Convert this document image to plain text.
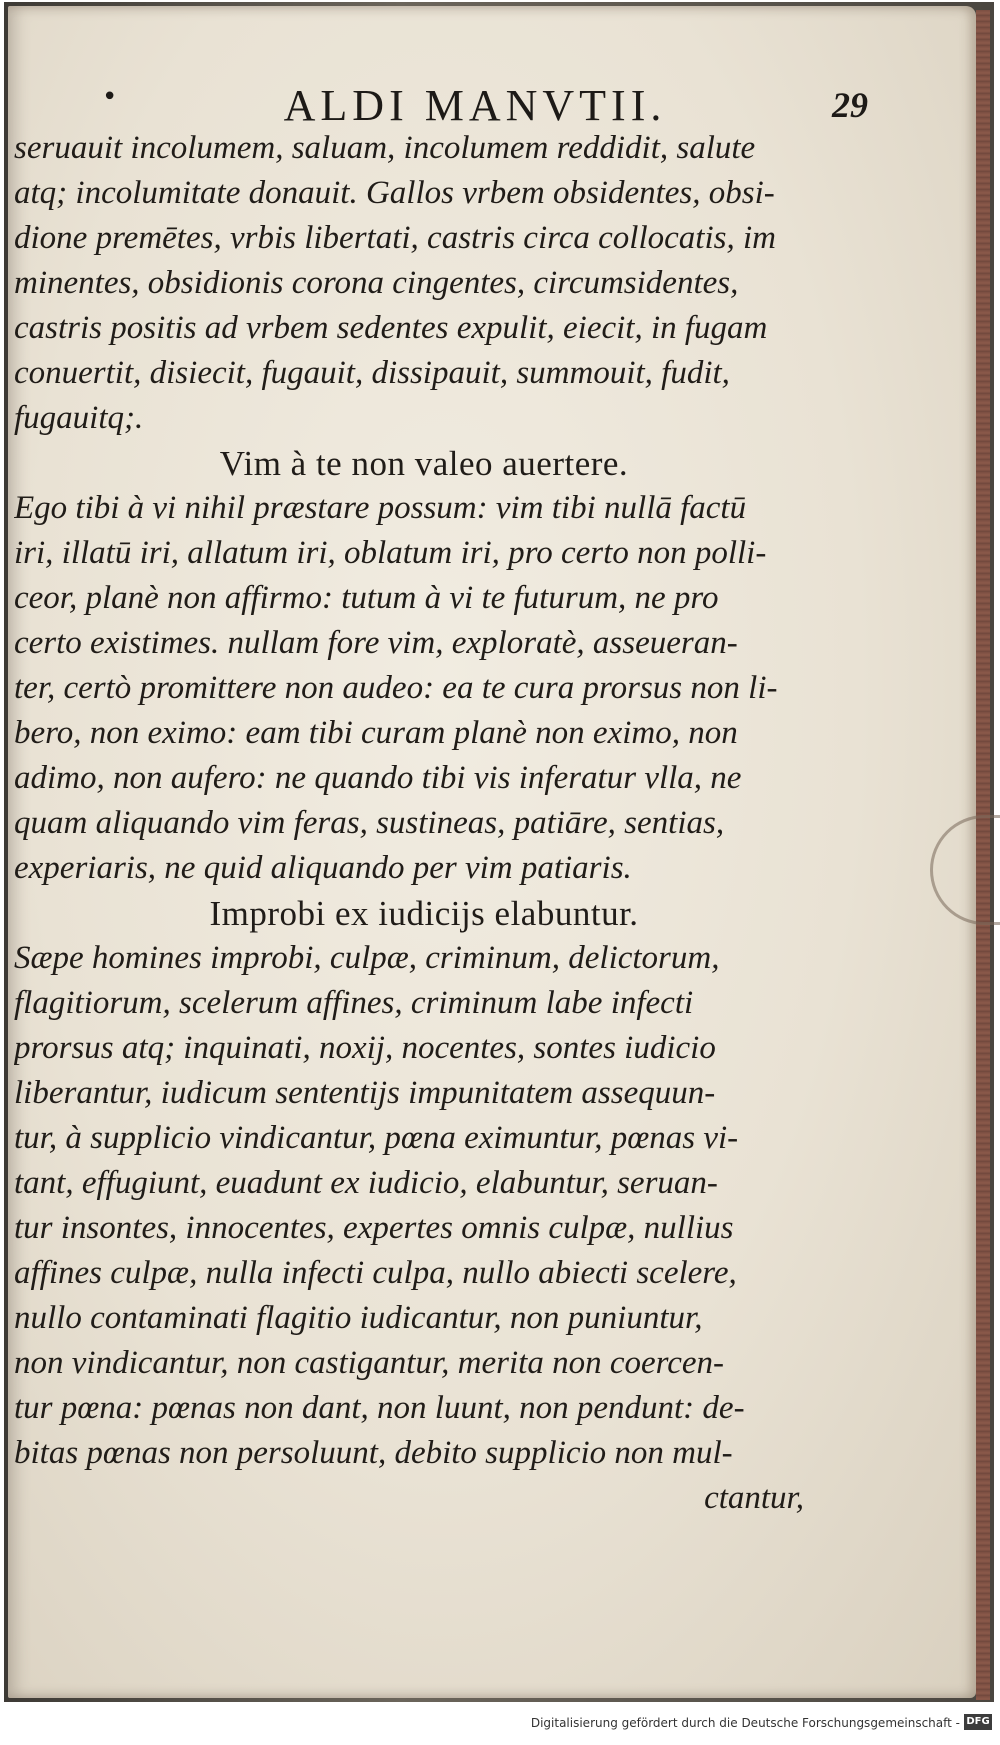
•	ALDI MANVTII.	29
seruauit incolumem, saluam, incolumem reddidit, salute
atq; incolumitate donauit. Gallos vrbem obsidentes, obsi-
dione premētes, vrbis libertati, castris circa collocatis, im
minentes, obsidionis corona cingentes, circumsidentes,
castris positis ad vrbem sedentes expulit, eiecit, in fugam
conuertit, disiecit, fugauit, dissipauit, summouit, fudit,
fugauitq;.
Vim à te non valeo auertere.
Ego tibi à vi nihil præstare possum: vim tibi nullā factū
iri, illatū iri, allatum iri, oblatum iri, pro certo non polli-
ceor, planè non affirmo: tutum à vi te futurum, ne pro
certo existimes. nullam fore vim, exploratè, asseueran-
ter, certò promittere non audeo: ea te cura prorsus non li-
bero, non eximo: eam tibi curam planè non eximo, non
adimo, non aufero: ne quando tibi vis inferatur vlla, ne
quam aliquando vim feras, sustineas, patiāre, sentias,
experiaris, ne quid aliquando per vim patiaris.
Improbi ex iudicijs elabuntur.
Sæpe homines improbi, culpæ, criminum, delictorum,
flagitiorum, scelerum affines, criminum labe infecti
prorsus atq; inquinati, noxij, nocentes, sontes iudicio
liberantur, iudicum sententijs impunitatem assequun-
tur, à supplicio vindicantur, pœna eximuntur, pœnas vi-
tant, effugiunt, euadunt ex iudicio, elabuntur, seruan-
tur insontes, innocentes, expertes omnis culpæ, nullius
affines culpæ, nulla infecti culpa, nullo abiecti scelere,
nullo contaminati flagitio iudicantur, non puniuntur,
non vindicantur, non castigantur, merita non coercen-
tur pœna: pœnas non dant, non luunt, non pendunt: de-
bitas pœnas non persoluunt, debito supplicio non mul-
ctantur,
Digitalisierung gefördert durch die Deutsche Forschungsgemeinschaft - DFG
